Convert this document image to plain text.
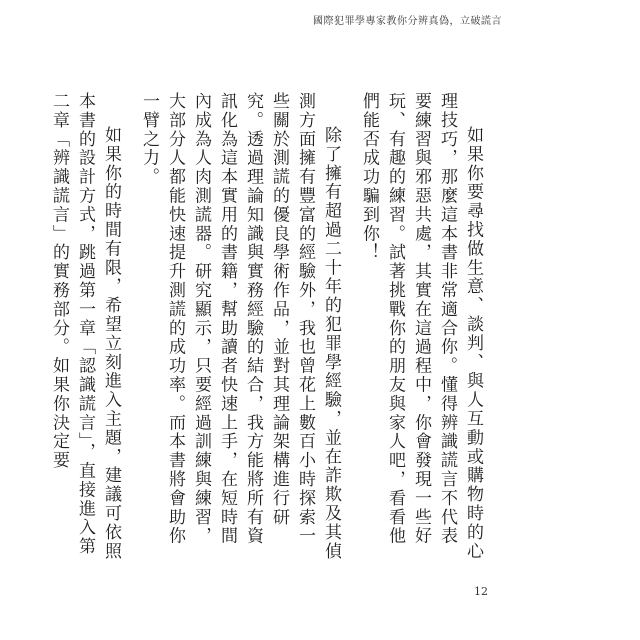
國際犯罪學專家教你分辨真偽，立破謊言

如果你要尋找做生意、談判、與人互動或購物時的心理技巧，那麼這本書非常適合你。懂得辨識謊言不代表要練習與邪惡共處，其實在這過程中，你會發現一些好玩、有趣的練習。試著挑戰你的朋友與家人吧，看看他們能否成功騙到你！

除了擁有超過二十年的犯罪學經驗，並在詐欺及其偵測方面擁有豐富的經驗外，我也曾花上數百小時探索一些關於測謊的優良學術作品，並對其理論架構進行研究。透過理論知識與實務經驗的結合，我方能將所有資訊化為這本實用的書籍，幫助讀者快速上手，在短時間內成為人肉測謊器。研究顯示，只要經過訓練與練習，大部分人都能快速提升測謊的成功率。而本書將會助你一臂之力。

如果你的時間有限，希望立刻進入主題，建議可依照本書的設計方式，跳過第一章「認識謊言」，直接進入第二章「辨識謊言」的實務部分。如果你決定要

12
